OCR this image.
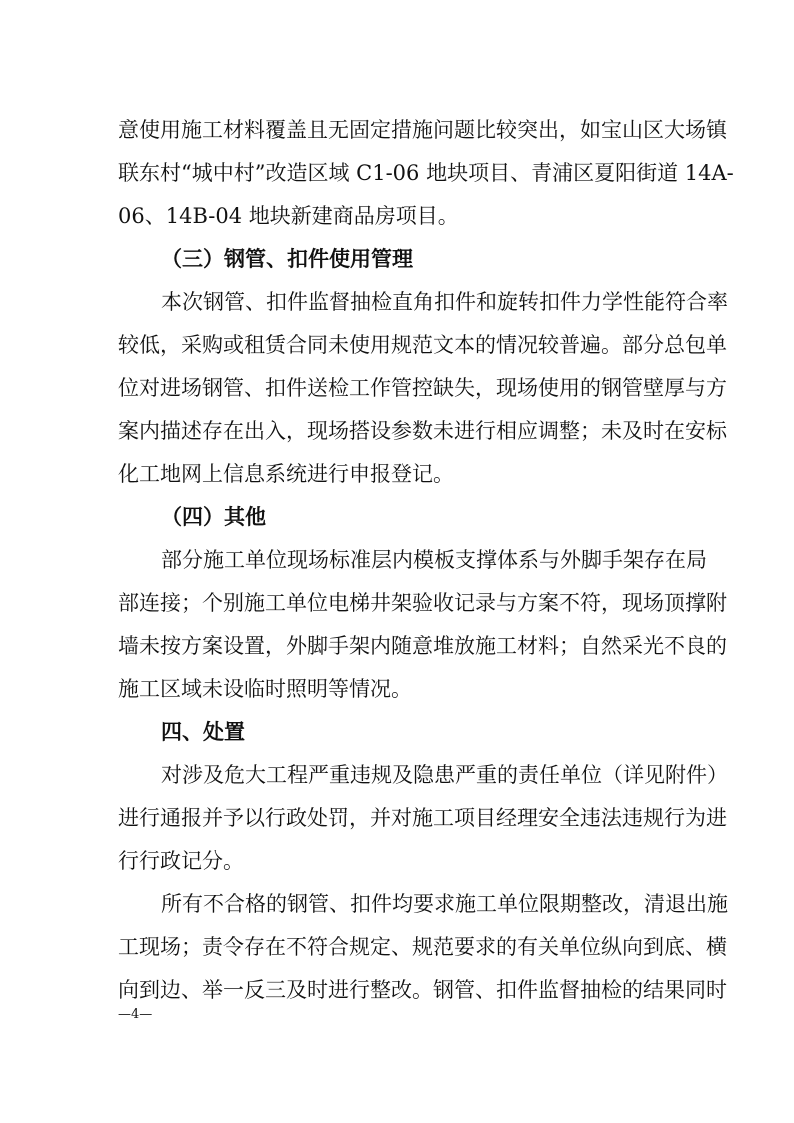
意使用施工材料覆盖且无固定措施问题比较突出，如宝山区大场镇
联东村“城中村”改造区域 C1-06 地块项目、青浦区夏阳街道 14A-
06、14B-04 地块新建商品房项目。
（三）钢管、扣件使用管理
本次钢管、扣件监督抽检直角扣件和旋转扣件力学性能符合率
较低，采购或租赁合同未使用规范文本的情况较普遍。部分总包单
位对进场钢管、扣件送检工作管控缺失，现场使用的钢管壁厚与方
案内描述存在出入，现场搭设参数未进行相应调整；未及时在安标
化工地网上信息系统进行申报登记。
（四）其他
部分施工单位现场标准层内模板支撑体系与外脚手架存在局
部连接；个别施工单位电梯井架验收记录与方案不符，现场顶撑附
墙未按方案设置，外脚手架内随意堆放施工材料；自然采光不良的
施工区域未设临时照明等情况。
四、处置
对涉及危大工程严重违规及隐患严重的责任单位（详见附件）
进行通报并予以行政处罚，并对施工项目经理安全违法违规行为进
行行政记分。
所有不合格的钢管、扣件均要求施工单位限期整改，清退出施
工现场；责令存在不符合规定、规范要求的有关单位纵向到底、横
向到边、举一反三及时进行整改。钢管、扣件监督抽检的结果同时
—4—
